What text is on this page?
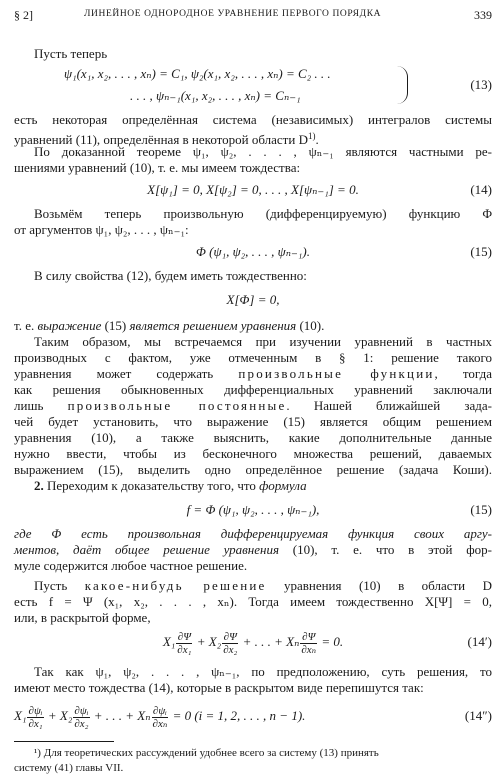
§ 2]	ЛИНЕЙНОЕ ОДНОРОДНОЕ УРАВНЕНИЕ ПЕРВОГО ПОРЯДКА	339
Пусть теперь
ψ₁(x₁, x₂, . . . , xₙ) = C₁, ψ₂(x₁, x₂, . . . , xₙ) = C₂ . . .
. . . , ψₙ₋₁(x₁, x₂, . . . , xₙ) = Cₙ₋₁
(13)
есть некоторая определённая система (независимых) интегралов системы
уравнений (11), определённая в некоторой области $D^{1)}$.
По доказанной теореме ψ₁, ψ₂, . . . , ψₙ₋₁ являются частными ре-
шениями уравнений (10), т. е. мы имеем тождества:
X[ψ₁] = 0, X[ψ₂] = 0, . . . , X[ψₙ₋₁] = 0.	(14)
Возьмём теперь произвольную (дифференцируемую) функцию Φ
от аргументов ψ₁, ψ₂, . . . , ψₙ₋₁:
Φ (ψ₁, ψ₂, . . . , ψₙ₋₁).	(15)
В силу свойства (12), будем иметь тождественно:
X[Φ] = 0,
т. е. выражение (15) является решением уравнения (10).
Таким образом, мы встречаемся при изучении уравнений в частных
производных с фактом, уже отмеченным в § 1: решение такого
уравнения может содержать произвольные функции, тогда
как решения обыкновенных дифференциальных уравнений заключали
лишь произвольные постоянные. Нашей ближайшей зада-
чей будет установить, что выражение (15) является общим решением
уравнения (10), а также выяснить, какие дополнительные данные
нужно ввести, чтобы из бесконечного множества решений, даваемых
выражением (15), выделить одно определённое решение (задача Коши).
2. Переходим к доказательству того, что формула
f = Φ (ψ₁, ψ₂, . . . , ψₙ₋₁),	(15)
где Φ есть произвольная дифференцируемая функция своих аргу-
ментов, даёт общее решение уравнения (10), т. е. что в этой фор-
муле содержится любое частное решение.
Пусть какое-нибудь решение уравнения (10) в области D
есть f = Ψ (x₁, x₂, . . . , xₙ). Тогда имеем тождественно X[Ψ] = 0,
или, в раскрытой форме,
$X_1 \frac{\partial\Psi}{\text{∂x₁}} + X_2 \frac{\partial\Psi}{\text{∂x₂}}$ + . . . + Xₙ $\frac{\partial\Psi}{\text{∂xₙ}} = 0$.	(14′)
Так как ψ₁, ψ₂, . . . , ψₙ₋₁, по предположению, суть решения, то
имеют место тождества (14), которые в раскрытом виде перепишутся так:
$X_1 \frac{\text{∂ψᵢ}}{\text{∂x₁}} + X_2 \frac{\text{∂ψᵢ}}{\text{∂x₂}}$ + . . . + Xₙ $\frac{\text{∂ψᵢ}}{\text{∂xₙ}} = 0$ (i = 1, 2, . . . , n − 1).	(14″)
¹) Для теоретических рассуждений удобнее всего за систему (13) принять
систему (41) главы VII.
